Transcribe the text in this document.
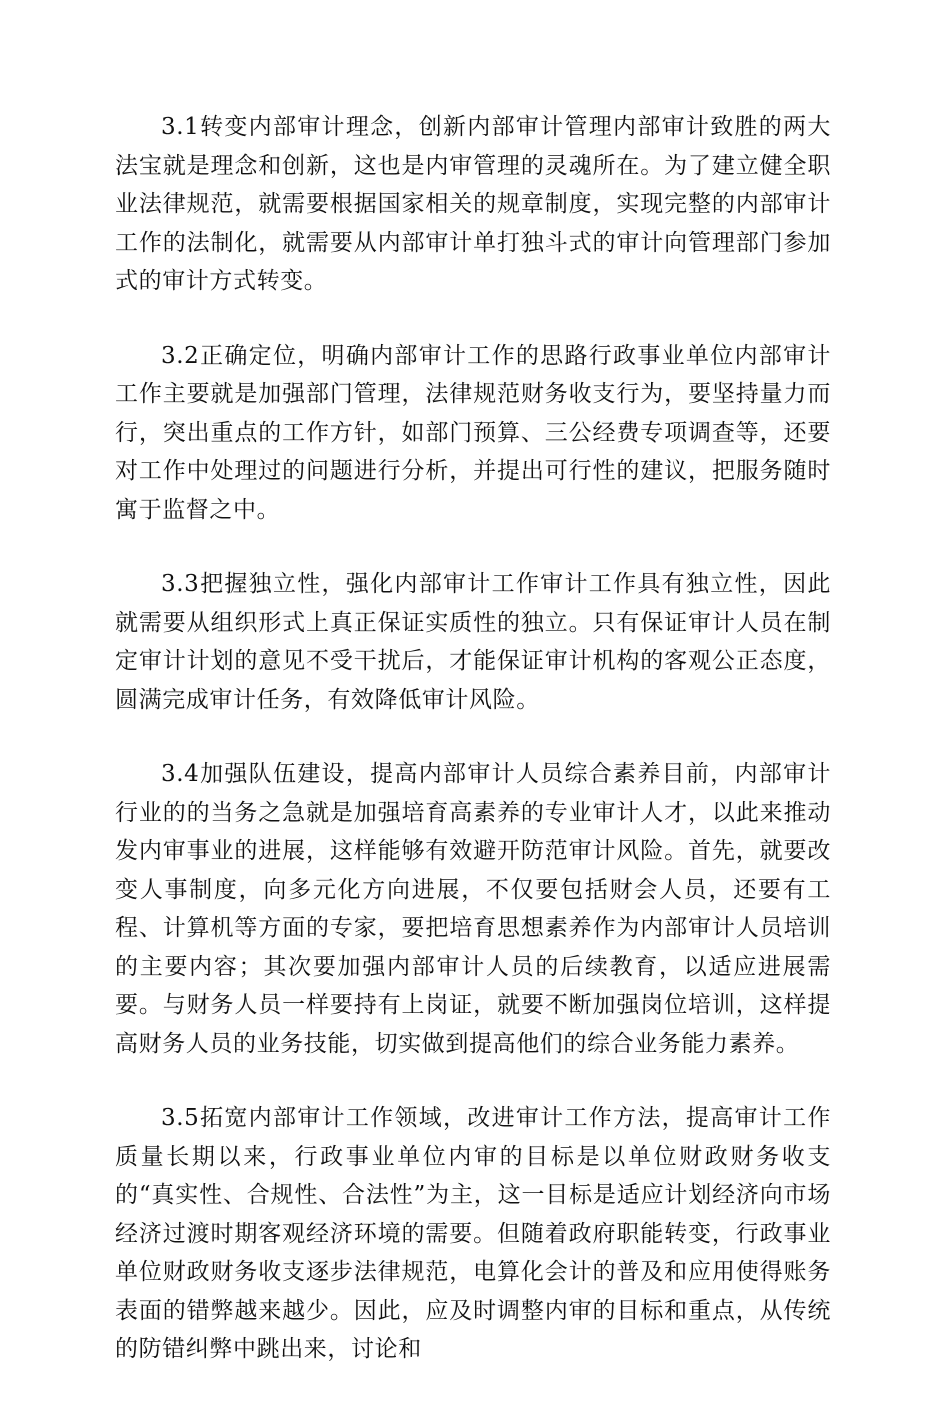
3.1转变内部审计理念，创新内部审计管理内部审计致胜的两大法宝就是理念和创新，这也是内审管理的灵魂所在。为了建立健全职业法律规范，就需要根据国家相关的规章制度，实现完整的内部审计工作的法制化，就需要从内部审计单打独斗式的审计向管理部门参加式的审计方式转变。

3.2正确定位，明确内部审计工作的思路行政事业单位内部审计工作主要就是加强部门管理，法律规范财务收支行为，要坚持量力而行，突出重点的工作方针，如部门预算、三公经费专项调查等，还要对工作中处理过的问题进行分析，并提出可行性的建议，把服务随时寓于监督之中。

3.3把握独立性，强化内部审计工作审计工作具有独立性，因此就需要从组织形式上真正保证实质性的独立。只有保证审计人员在制定审计计划的意见不受干扰后，才能保证审计机构的客观公正态度，圆满完成审计任务，有效降低审计风险。

3.4加强队伍建设，提高内部审计人员综合素养目前，内部审计行业的的当务之急就是加强培育高素养的专业审计人才，以此来推动发内审事业的进展，这样能够有效避开防范审计风险。首先，就要改变人事制度，向多元化方向进展，不仅要包括财会人员，还要有工程、计算机等方面的专家，要把培育思想素养作为内部审计人员培训的主要内容；其次要加强内部审计人员的后续教育，以适应进展需要。与财务人员一样要持有上岗证，就要不断加强岗位培训，这样提高财务人员的业务技能，切实做到提高他们的综合业务能力素养。

3.5拓宽内部审计工作领域，改进审计工作方法，提高审计工作质量长期以来，行政事业单位内审的目标是以单位财政财务收支的“真实性、合规性、合法性”为主，这一目标是适应计划经济向市场经济过渡时期客观经济环境的需要。但随着政府职能转变，行政事业单位财政财务收支逐步法律规范，电算化会计的普及和应用使得账务表面的错弊越来越少。因此，应及时调整内审的目标和重点，从传统的防错纠弊中跳出来，讨论和
